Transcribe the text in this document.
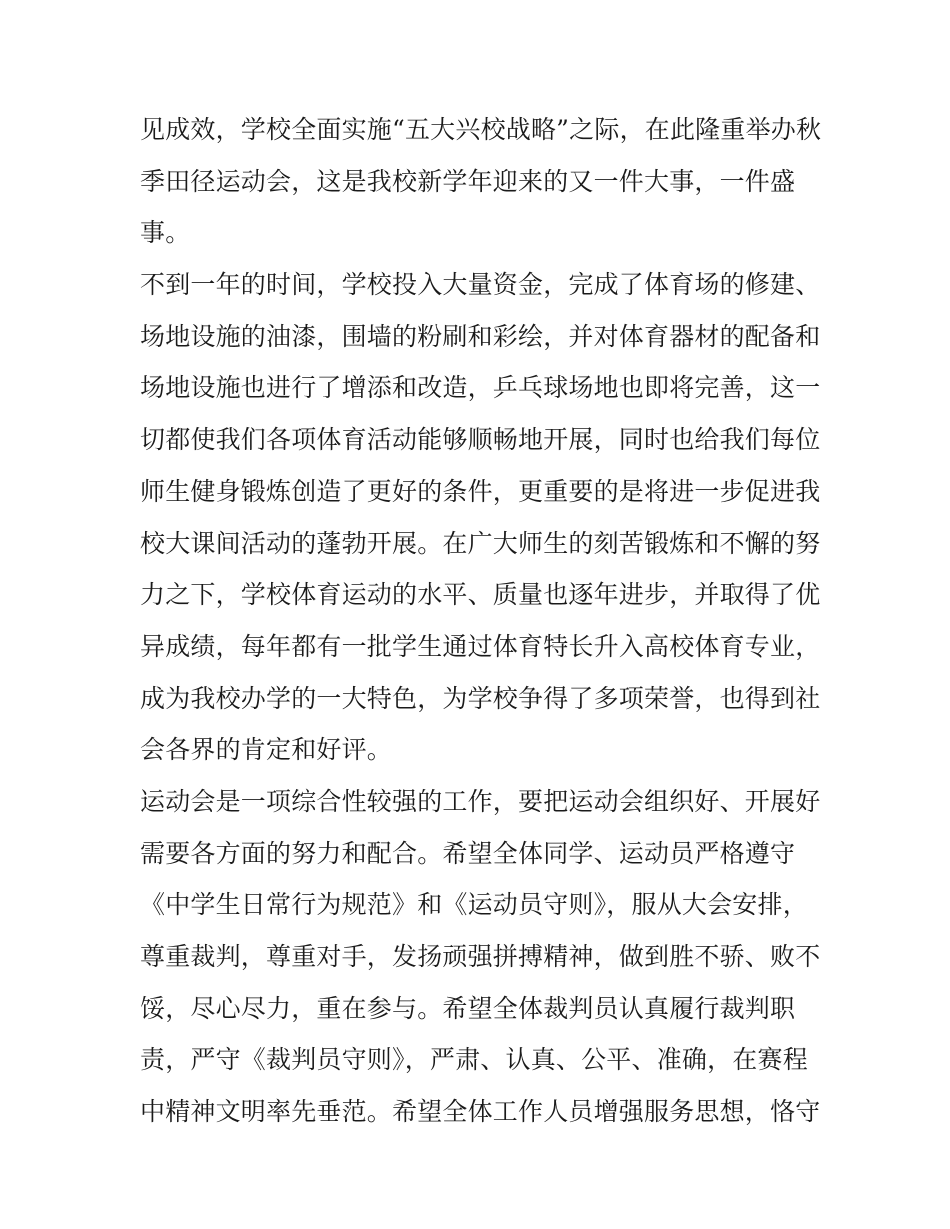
见成效，学校全面实施“五大兴校战略”之际，在此隆重举办秋
季田径运动会，这是我校新学年迎来的又一件大事，一件盛
事。
不到一年的时间，学校投入大量资金，完成了体育场的修建、
场地设施的油漆，围墙的粉刷和彩绘，并对体育器材的配备和
场地设施也进行了增添和改造，乒乓球场地也即将完善，这一
切都使我们各项体育活动能够顺畅地开展，同时也给我们每位
师生健身锻炼创造了更好的条件，更重要的是将进一步促进我
校大课间活动的蓬勃开展。在广大师生的刻苦锻炼和不懈的努
力之下，学校体育运动的水平、质量也逐年进步，并取得了优
异成绩，每年都有一批学生通过体育特长升入高校体育专业，
成为我校办学的一大特色，为学校争得了多项荣誉，也得到社
会各界的肯定和好评。
运动会是一项综合性较强的工作，要把运动会组织好、开展好
需要各方面的努力和配合。希望全体同学、运动员严格遵守
《中学生日常行为规范》和《运动员守则》，服从大会安排，
尊重裁判，尊重对手，发扬顽强拼搏精神，做到胜不骄、败不
馁，尽心尽力，重在参与。希望全体裁判员认真履行裁判职
责，严守《裁判员守则》，严肃、认真、公平、准确，在赛程
中精神文明率先垂范。希望全体工作人员增强服务思想，恪守
